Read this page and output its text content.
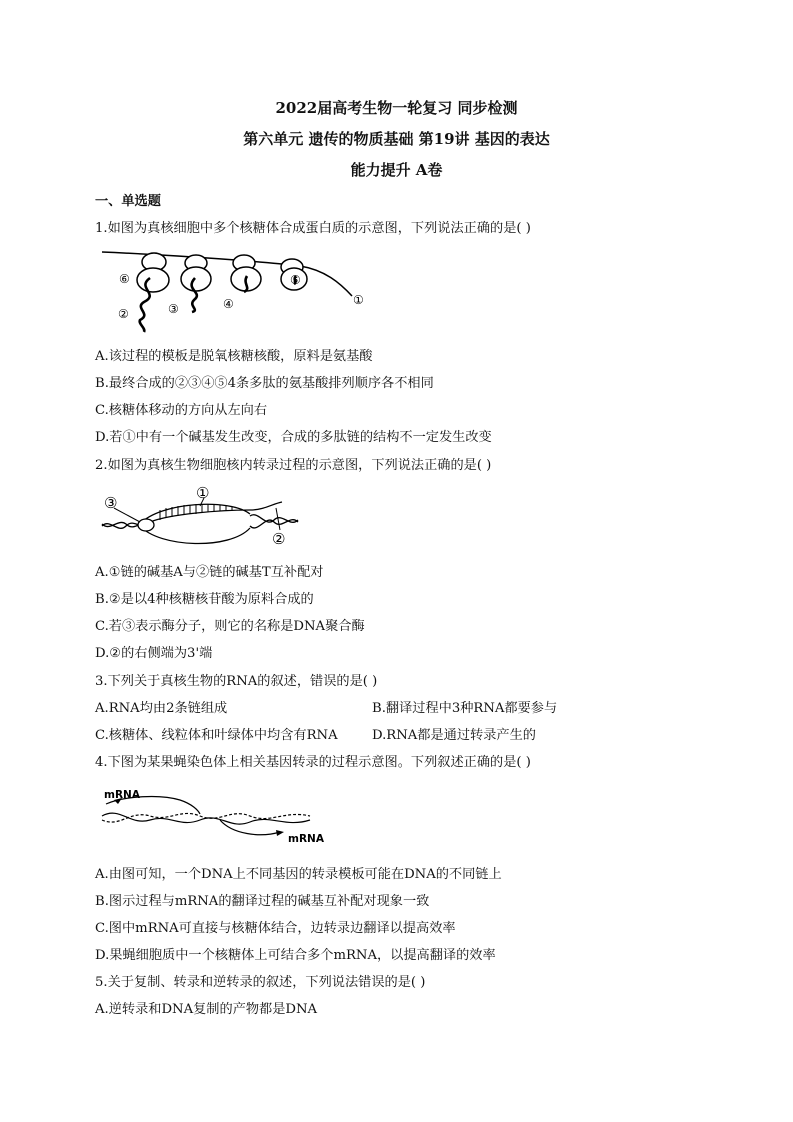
2022届高考生物一轮复习 同步检测
第六单元 遗传的物质基础 第19讲 基因的表达
能力提升 A卷
一、单选题
1.如图为真核细胞中多个核糖体合成蛋白质的示意图，下列说法正确的是( )
⑥
②	③	④
⑤
①
A.该过程的模板是脱氧核糖核酸，原料是氨基酸
B.最终合成的②③④⑤4条多肽的氨基酸排列顺序各不相同
C.核糖体移动的方向从左向右
D.若①中有一个碱基发生改变，合成的多肽链的结构不一定发生改变
2.如图为真核生物细胞核内转录过程的示意图，下列说法正确的是( )
③
①
②
A.①链的碱基A与②链的碱基T互补配对
B.②是以4种核糖核苷酸为原料合成的
C.若③表示酶分子，则它的名称是DNA聚合酶
D.②的右侧端为3'端
3.下列关于真核生物的RNA的叙述，错误的是( )
A.RNA均由2条链组成	B.翻译过程中3种RNA都要参与
C.核糖体、线粒体和叶绿体中均含有RNA	D.RNA都是通过转录产生的
4.下图为某果蝇染色体上相关基因转录的过程示意图。下列叙述正确的是( )
mRNA
mRNA
A.由图可知，一个DNA上不同基因的转录模板可能在DNA的不同链上
B.图示过程与mRNA的翻译过程的碱基互补配对现象一致
C.图中mRNA可直接与核糖体结合，边转录边翻译以提高效率
D.果蝇细胞质中一个核糖体上可结合多个mRNA，以提高翻译的效率
5.关于复制、转录和逆转录的叙述，下列说法错误的是( )
A.逆转录和DNA复制的产物都是DNA
